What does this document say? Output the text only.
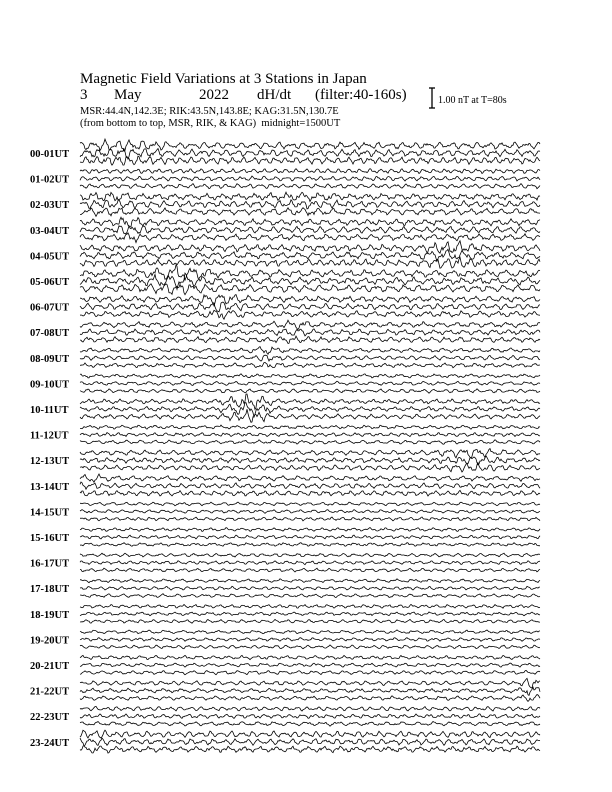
Magnetic Field Variations at 3 Stations in Japan
3 May	2022 dH/dt (filter:40-160s)
MSR:44.4N,142.3E; RIK:43.5N,143.8E; KAG:31.5N,130.7E
(from bottom to top, MSR, RIK, & KAG) midnight=1500UT
1.00 nT at T=80s
00-01UT
01-02UT
02-03UT
03-04UT
04-05UT
05-06UT
06-07UT
07-08UT
08-09UT
09-10UT
10-11UT
11-12UT
12-13UT
13-14UT
14-15UT
15-16UT
16-17UT
17-18UT
18-19UT
19-20UT
20-21UT
21-22UT
22-23UT
23-24UT
